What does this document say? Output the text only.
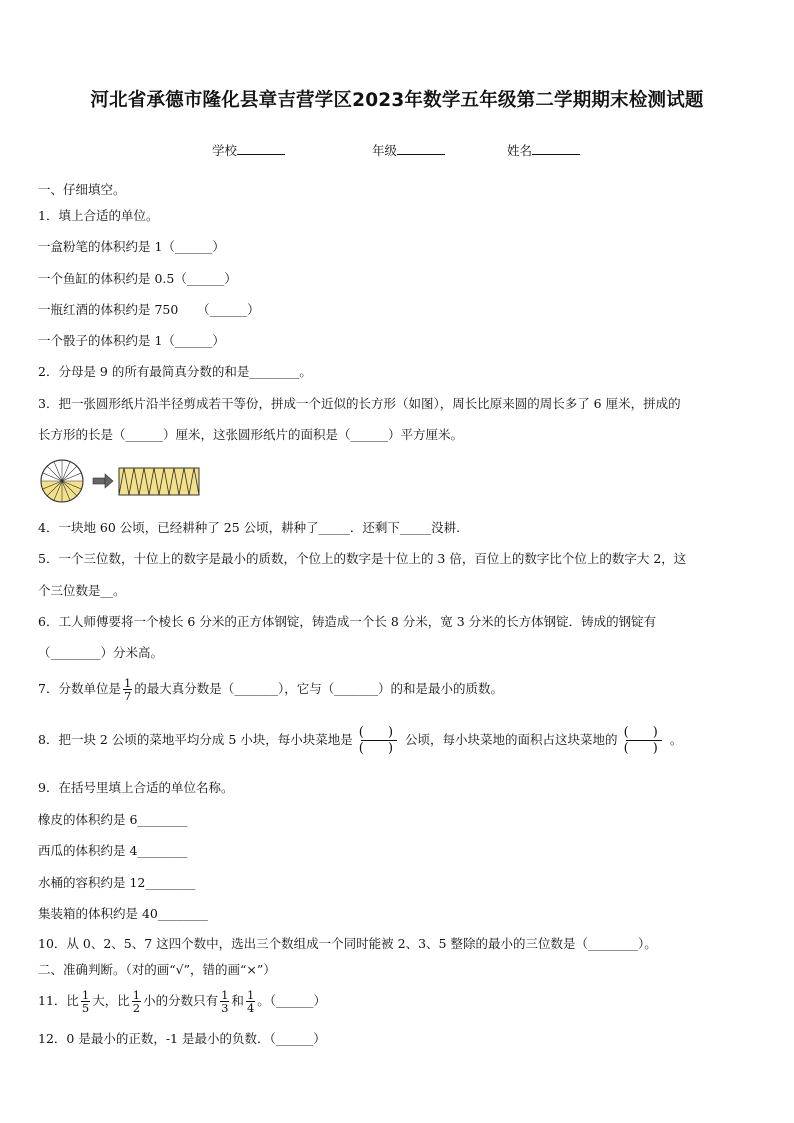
河北省承德市隆化县章吉营学区2023年数学五年级第二学期期末检测试题
学校	年级	姓名
一、仔细填空。
1．填上合适的单位。
一盒粉笔的体积约是 1（______）
一个鱼缸的体积约是 0.5（______）
一瓶红酒的体积约是 750　　（______）
一个骰子的体积约是 1（______）
2．分母是 9 的所有最简真分数的和是________。
3．把一张圆形纸片沿半径剪成若干等份，拼成一个近似的长方形（如图），周长比原来圆的周长多了 6 厘米，拼成的
长方形的长是（______）厘米，这张圆形纸片的面积是（______）平方厘米。
4．一块地 60 公顷，已经耕种了 25 公顷，耕种了_____．还剩下_____没耕.
5．一个三位数，十位上的数字是最小的质数，个位上的数字是十位上的 3 倍，百位上的数字比个位上的数字大 2，这
个三位数是__。
6．工人师傅要将一个棱长 6 分米的正方体钢锭，铸造成一个长 8 分米，宽 3 分米的长方体钢锭．铸成的钢锭有
（________）分米高。
7．分数单位是 $\frac{1}{7}$ 的最大真分数是（_______），它与（_______）的和是最小的质数。
8．把一块 2 公顷的菜地平均分成 5 小块，每小块菜地是 $\frac{( )}{( )}$ 公顷，每小块菜地的面积占这块菜地的 $\frac{( )}{( )}$ 。
9．在括号里填上合适的单位名称。
橡皮的体积约是 6________
西瓜的体积约是 4________
水桶的容积约是 12________
集装箱的体积约是 40________
10．从 0、2、5、7 这四个数中，选出三个数组成一个同时能被 2、3、5 整除的最小的三位数是（________）。
二、准确判断。（对的画“√”，错的画“×”）
11．比 $\frac{1}{5}$ 大，比 $\frac{1}{2}$ 小的分数只有 $\frac{1}{3}$ 和 $\frac{1}{4}$ 。（______）
12．0 是最小的正数，-1 是最小的负数．（______）
